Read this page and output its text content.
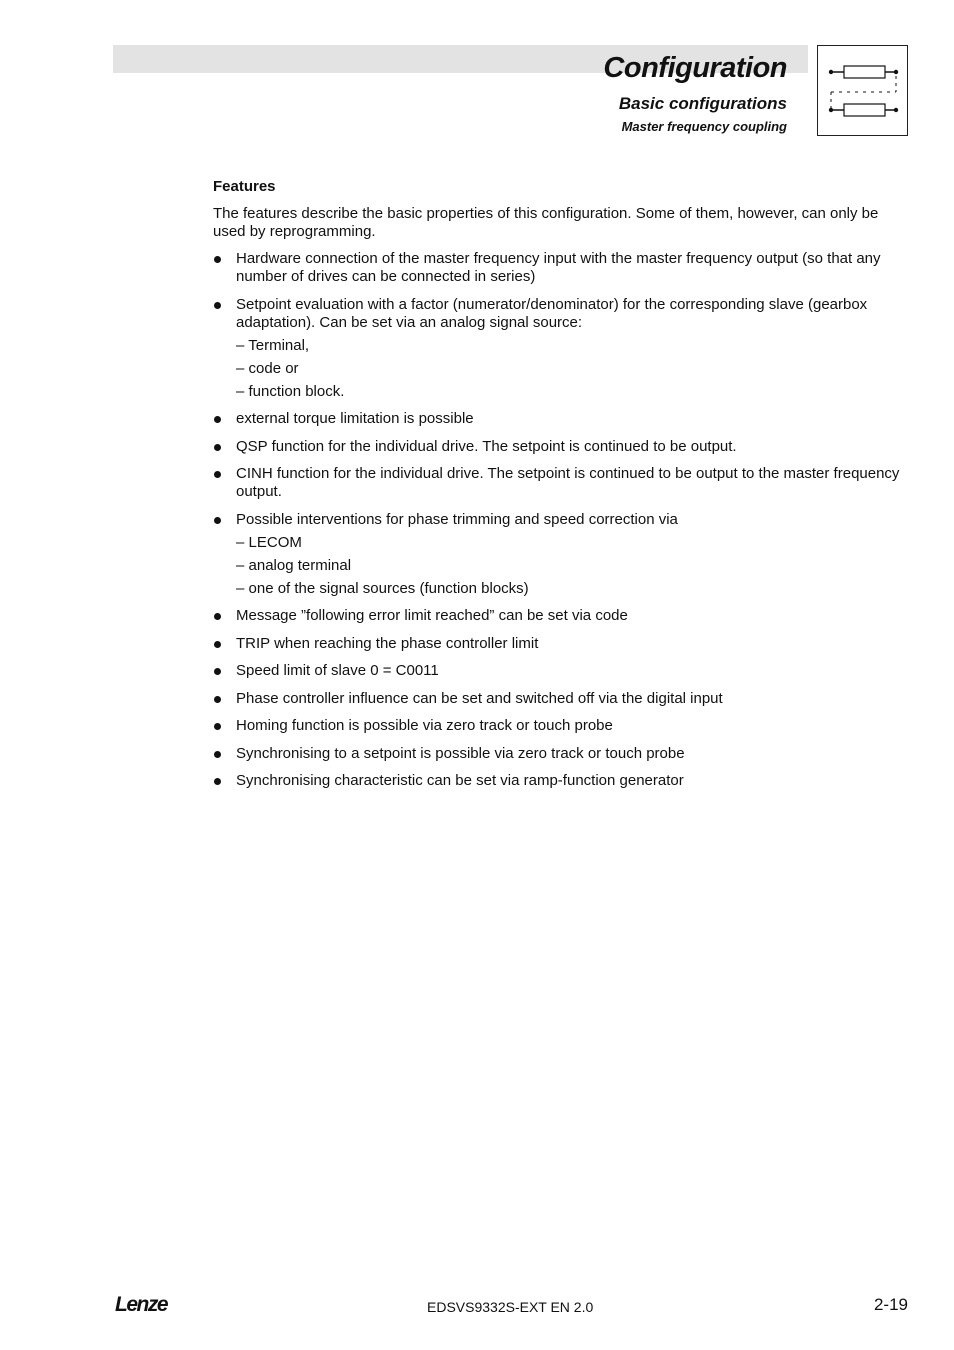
Configuration
Basic configurations
Master frequency coupling
Features
The features describe the basic properties of this configuration. Some of them, however, can only be used by reprogramming.
Hardware connection of the master frequency input with the master frequency output (so that any number of drives can be connected in series)
Setpoint evaluation with a factor (numerator/denominator) for the corresponding slave (gearbox adaptation). Can be set via an analog signal source:
– Terminal,
– code or
– function block.
external torque limitation is possible
QSP function for the individual drive. The setpoint is continued to be output.
CINH function for the individual drive. The setpoint is continued to be output to the master frequency output.
Possible interventions for phase trimming and speed correction via
– LECOM
– analog terminal
– one of the signal sources (function blocks)
Message ”following error limit reached” can be set via code
TRIP when reaching the phase controller limit
Speed limit of slave 0 = C0011
Phase controller influence can be set and switched off via the digital input
Homing function is possible via zero track or touch probe
Synchronising to a setpoint is possible via zero track or touch probe
Synchronising characteristic can be set via ramp-function generator
Lenze	EDSVS9332S-EXT EN 2.0	2-19
